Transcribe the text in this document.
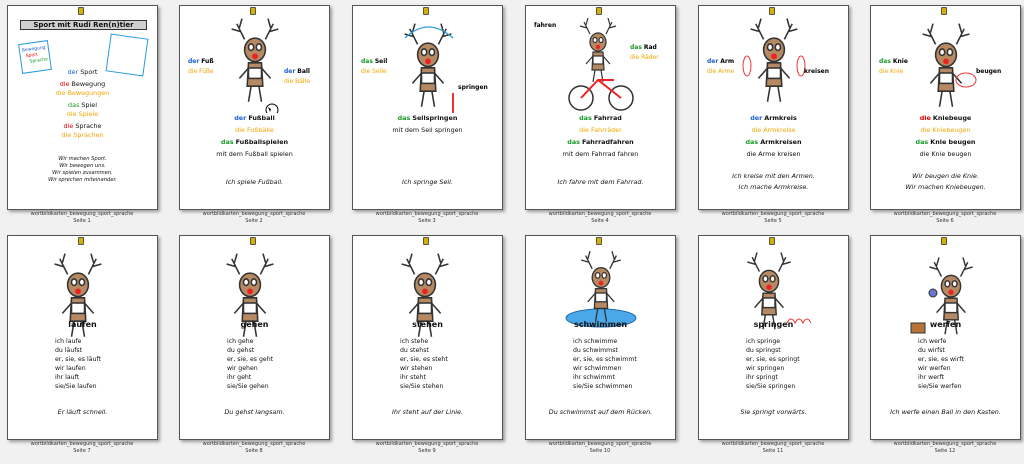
Sport mit Rudi Ren(n)tier
Bewegung
Sport
Sprache
der Sport
die Bewegung
die Bewegungen
das Spiel
die Spiele
die Sprache
die Sprachen
Wir machen Sport.
Wir bewegen uns.
Wir spielen zusammen.
Wir sprechen miteinander.
wortbildkarten_bewegung_sport_sprache
Seite 1
der Fuß
die Füße	der Ball
die Bälle
der Fußball
die Fußbälle
das Fußballspielen
mit dem Fußball spielen
Ich spiele Fußball.
wortbildkarten_bewegung_sport_sprache
Seite 2
das Seil
die Seile
springen
das Seilspringen
mit dem Seil springen
Ich springe Seil.
wortbildkarten_bewegung_sport_sprache
Seite 3
fahren
das Rad
die Räder
das Fahrrad
die Fahrräder
das Fahrradfahren
mit dem Fahrrad fahren
Ich fahre mit dem Fahrrad.
wortbildkarten_bewegung_sport_sprache
Seite 4
der Arm
die Arme	kreisen
der Armkreis
die Armkreise
das Armkreisen
die Arme kreisen
Ich kreise mit den Armen.
Ich mache Armkreise.
wortbildkarten_bewegung_sport_sprache
Seite 5
das Knie
die Knie	beugen
die Kniebeuge
die Kniebeugen
das Knie beugen
die Knie beugen
Wir beugen die Knie.
Wir machen Kniebeugen.
wortbildkarten_bewegung_sport_sprache
Seite 6
laufen
ich laufe
du läufst
er, sie, es läuft
wir laufen
ihr lauft
sie/Sie laufen
Er läuft schnell.
wortbildkarten_bewegung_sport_sprache
Seite 7
gehen
ich gehe
du gehst
er, sie, es geht
wir gehen
ihr geht
sie/Sie gehen
Du gehst langsam.
wortbildkarten_bewegung_sport_sprache
Seite 8
stehen
ich stehe
du stehst
er, sie, es steht
wir stehen
ihr steht
sie/Sie stehen
Ihr steht auf der Linie.
wortbildkarten_bewegung_sport_sprache
Seite 9
schwimmen
ich schwimme
du schwimmst
er, sie, es schwimmt
wir schwimmen
ihr schwimmt
sie/Sie schwimmen
Du schwimmst auf dem Rücken.
wortbildkarten_bewegung_sport_sprache
Seite 10
springen
ich springe
du springst
er, sie, es springt
wir springen
ihr springt
sie/Sie springen
Sie springt vorwärts.
wortbildkarten_bewegung_sport_sprache
Seite 11
werfen
ich werfe
du wirfst
er, sie, es wirft
wir werfen
ihr werft
sie/Sie werfen
Ich werfe einen Ball in den Kasten.
wortbildkarten_bewegung_sport_sprache
Seite 12
